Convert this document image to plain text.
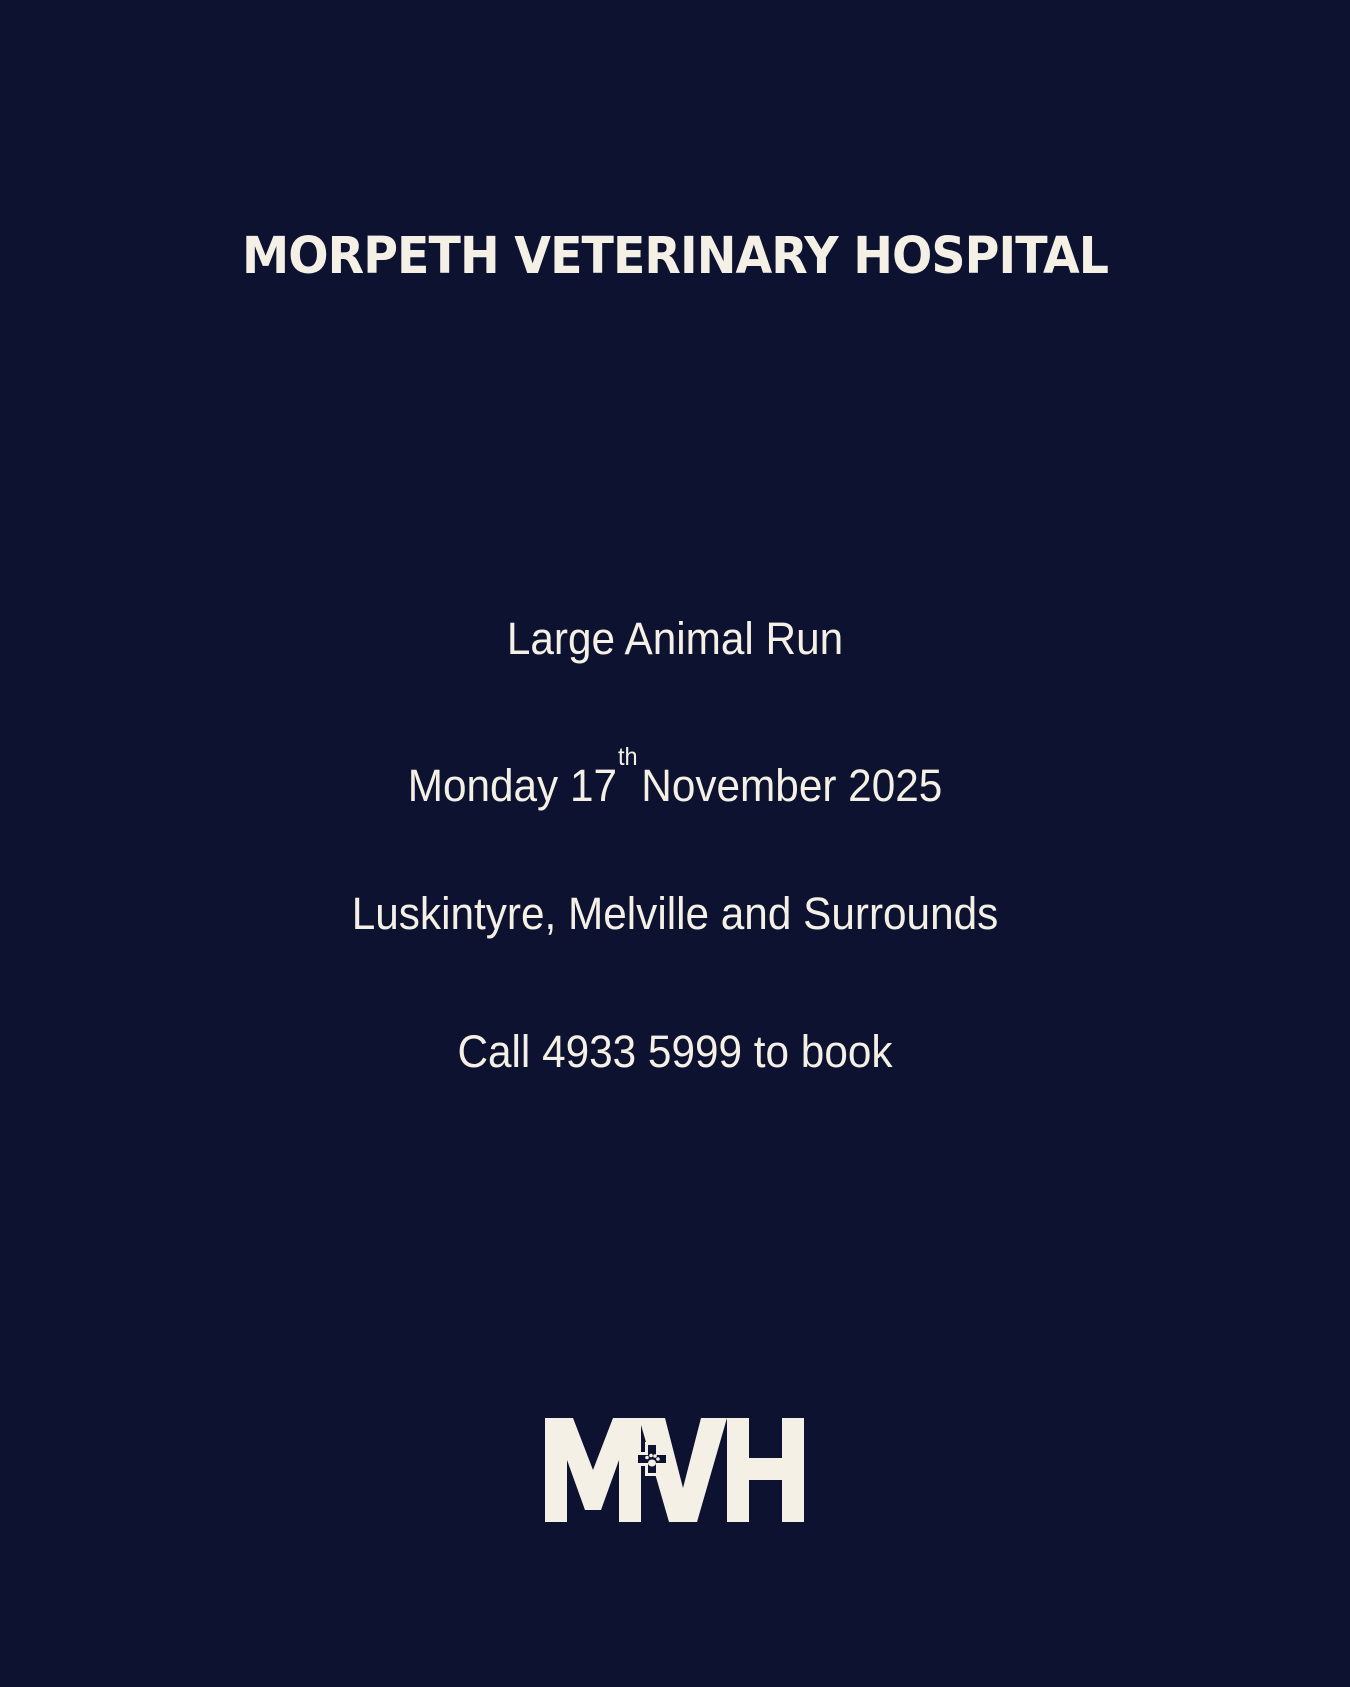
MORPETH VETERINARY HOSPITAL
Large Animal Run
Monday 17thNovember 2025
Luskintyre, Melville and Surrounds
Call 4933 5999 to book
